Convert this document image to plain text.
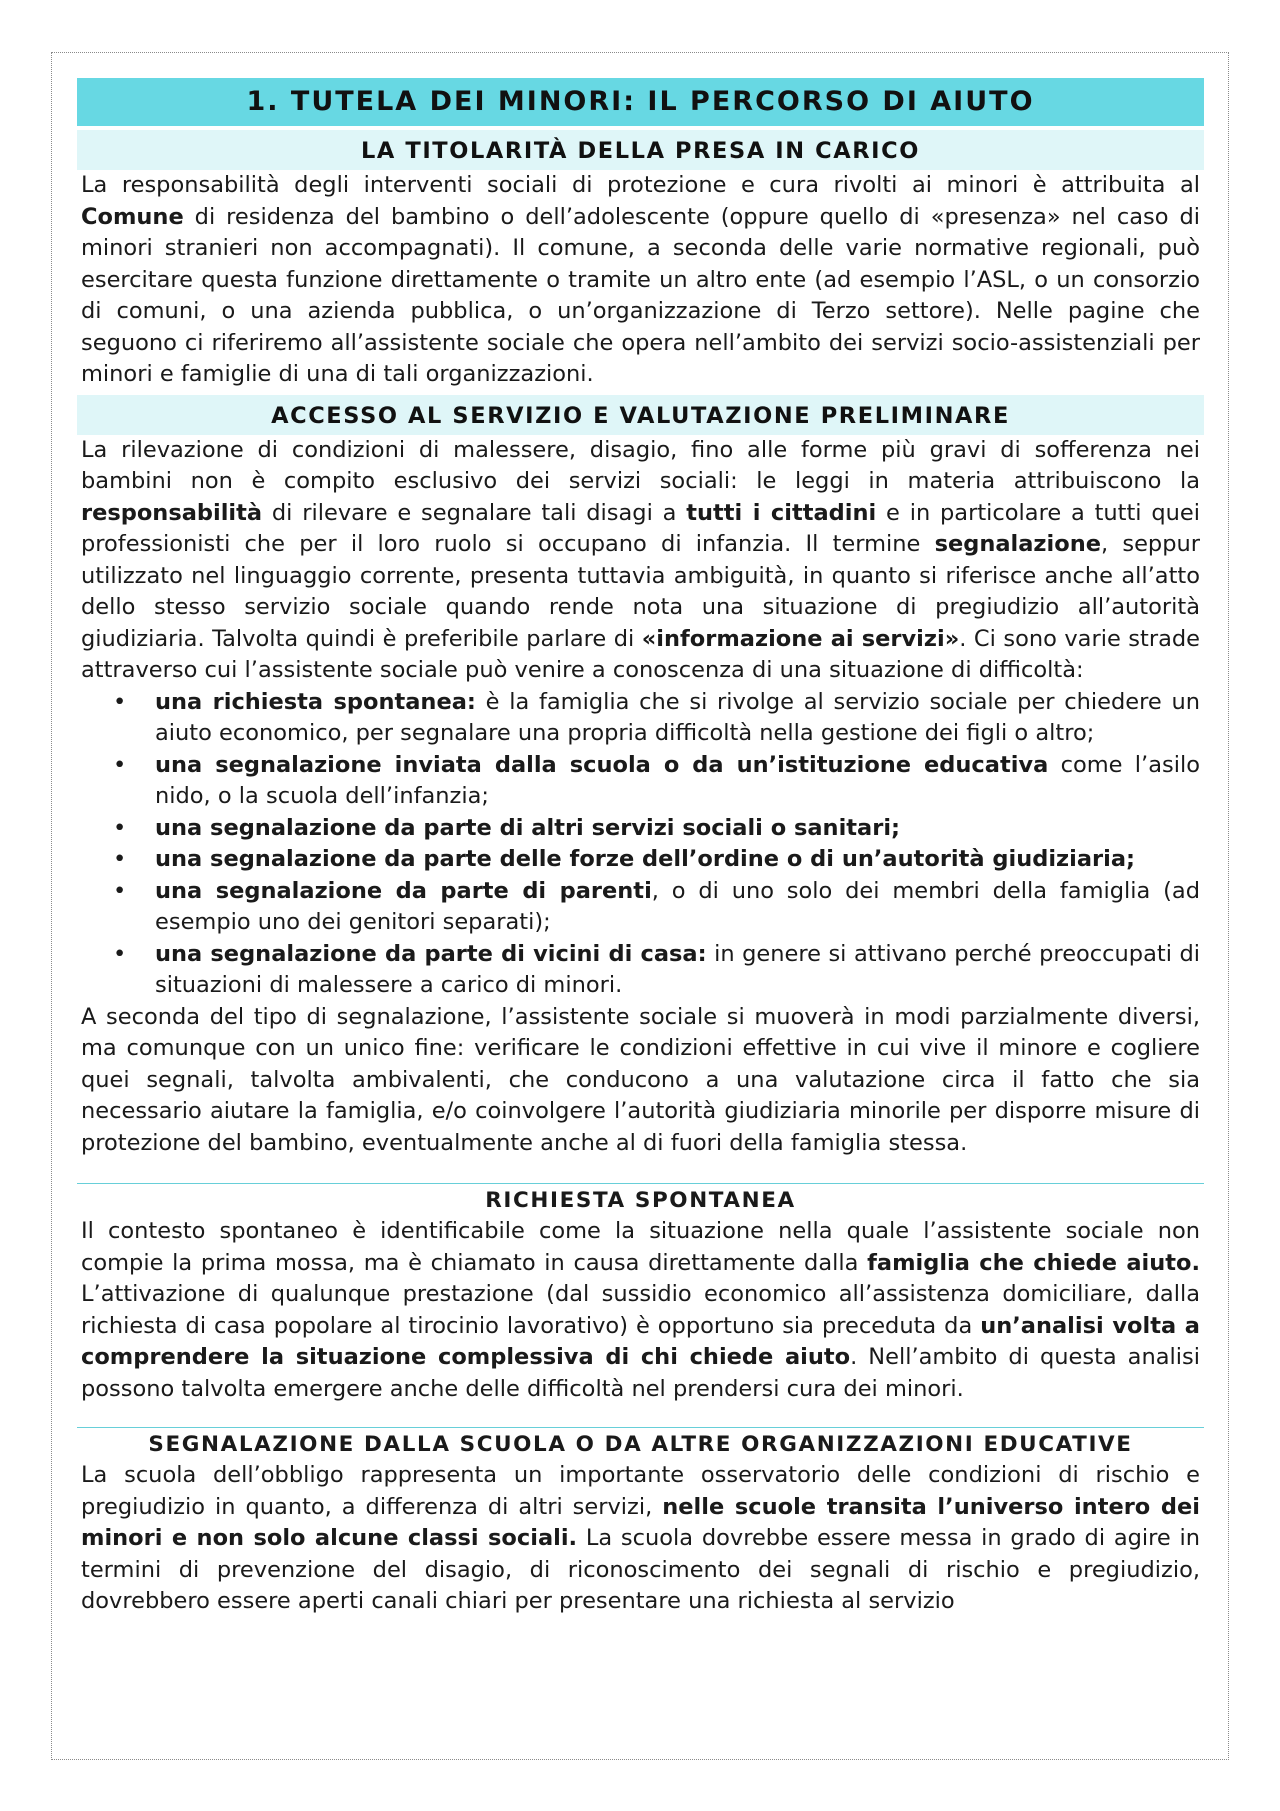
1. TUTELA DEI MINORI: IL PERCORSO DI AIUTO
LA TITOLARITÀ DELLA PRESA IN CARICO

La responsabilità degli interventi sociali di protezione e cura rivolti ai minori è attribuita al Comune di residenza del bambino o dell’adolescente (oppure quello di «presenza» nel caso di minori stranieri non accompagnati). Il comune, a seconda delle varie normative regionali, può esercitare questa funzione direttamente o tramite un altro ente (ad esempio l’ASL, o un consorzio di comuni, o una azienda pubblica, o un’organizzazione di Terzo settore). Nelle pagine che seguono ci riferiremo all’assistente sociale che opera nell’ambito dei servizi socio-assistenziali per minori e famiglie di una di tali organizzazioni.

ACCESSO AL SERVIZIO E VALUTAZIONE PRELIMINARE

La rilevazione di condizioni di malessere, disagio, fino alle forme più gravi di sofferenza nei bambini non è compito esclusivo dei servizi sociali: le leggi in materia attribuiscono la responsabilità di rilevare e segnalare tali disagi a tutti i cittadini e in particolare a tutti quei professionisti che per il loro ruolo si occupano di infanzia. Il termine segnalazione, seppur utilizzato nel linguaggio corrente, presenta tuttavia ambiguità, in quanto si riferisce anche all’atto dello stesso servizio sociale quando rende nota una situazione di pregiudizio all’autorità giudiziaria. Talvolta quindi è preferibile parlare di «informazione ai servizi». Ci sono varie strade attraverso cui l’assistente sociale può venire a conoscenza di una situazione di difficoltà:

• una richiesta spontanea: è la famiglia che si rivolge al servizio sociale per chiedere un aiuto economico, per segnalare una propria difficoltà nella gestione dei figli o altro;
• una segnalazione inviata dalla scuola o da un’istituzione educativa come l’asilo nido, o la scuola dell’infanzia;
• una segnalazione da parte di altri servizi sociali o sanitari;
• una segnalazione da parte delle forze dell’ordine o di un’autorità giudiziaria;
• una segnalazione da parte di parenti, o di uno solo dei membri della famiglia (ad esempio uno dei genitori separati);
• una segnalazione da parte di vicini di casa: in genere si attivano perché preoccupati di situazioni di malessere a carico di minori.

A seconda del tipo di segnalazione, l’assistente sociale si muoverà in modi parzialmente diversi, ma comunque con un unico fine: verificare le condizioni effettive in cui vive il minore e cogliere quei segnali, talvolta ambivalenti, che conducono a una valutazione circa il fatto che sia necessario aiutare la famiglia, e/o coinvolgere l’autorità giudiziaria minorile per disporre misure di protezione del bambino, eventualmente anche al di fuori della famiglia stessa.

RICHIESTA SPONTANEA

Il contesto spontaneo è identificabile come la situazione nella quale l’assistente sociale non compie la prima mossa, ma è chiamato in causa direttamente dalla famiglia che chiede aiuto. L’attivazione di qualunque prestazione (dal sussidio economico all’assistenza domiciliare, dalla richiesta di casa popolare al tirocinio lavorativo) è opportuno sia preceduta da un’analisi volta a comprendere la situazione complessiva di chi chiede aiuto. Nell’ambito di questa analisi possono talvolta emergere anche delle difficoltà nel prendersi cura dei minori.

SEGNALAZIONE DALLA SCUOLA O DA ALTRE ORGANIZZAZIONI EDUCATIVE

La scuola dell’obbligo rappresenta un importante osservatorio delle condizioni di rischio e pregiudizio in quanto, a differenza di altri servizi, nelle scuole transita l’universo intero dei minori e non solo alcune classi sociali. La scuola dovrebbe essere messa in grado di agire in termini di prevenzione del disagio, di riconoscimento dei segnali di rischio e pregiudizio, dovrebbero essere aperti canali chiari per presentare una richiesta al servizio
